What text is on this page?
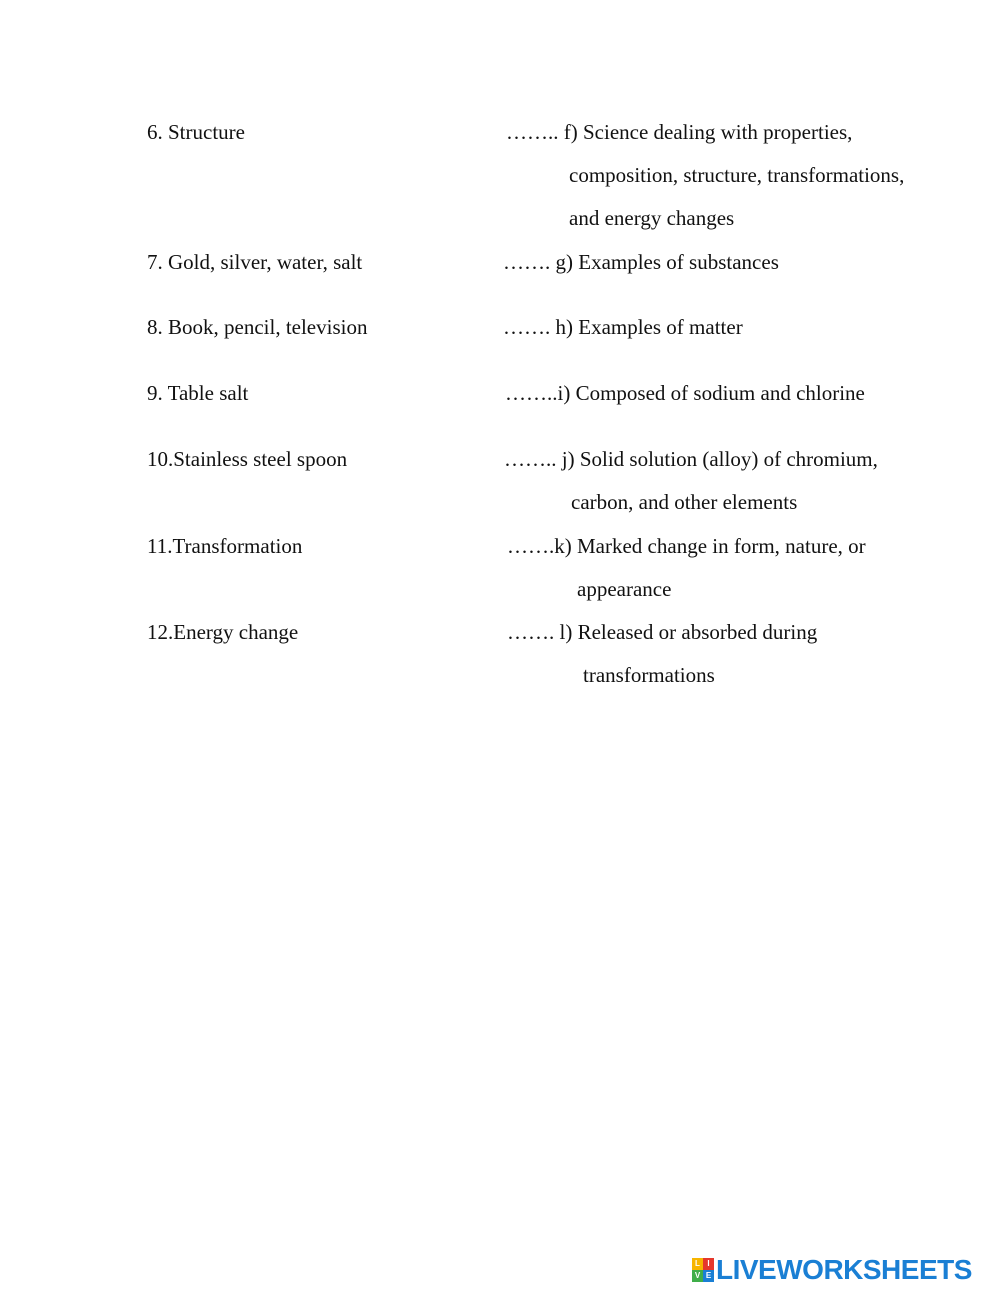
6. Structure	…….. f) Science dealing with properties,
composition, structure, transformations,
and energy changes
7. Gold, silver, water, salt	……. g) Examples of substances
8. Book, pencil, television	……. h) Examples of matter
9. Table salt	……..i) Composed of sodium and chlorine
10.Stainless steel spoon	…….. j) Solid solution (alloy) of chromium,
carbon, and other elements
11.Transformation	…….k) Marked change in form, nature, or
appearance
12.Energy change	……. l) Released or absorbed during
transformations
L I
V E LIVEWORKSHEETS
